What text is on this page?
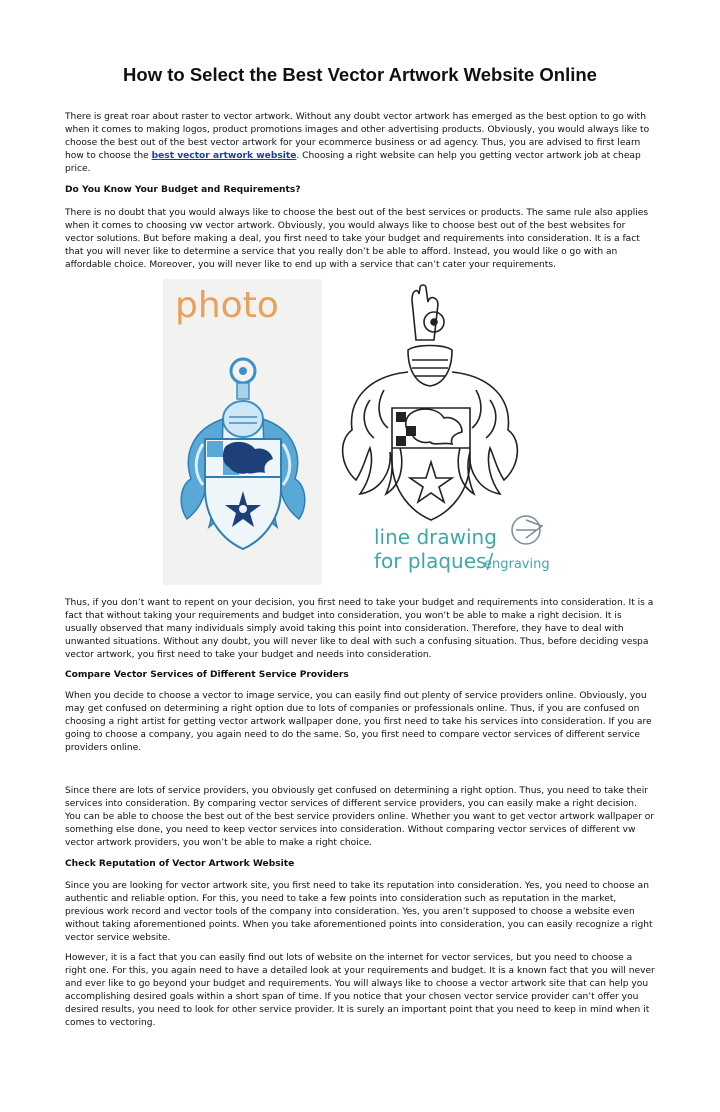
How to Select the Best Vector Artwork Website Online

There is great roar about raster to vector artwork. Without any doubt vector artwork has emerged as the best option to go with when it comes to making logos, product promotions images and other advertising products. Obviously, you would always like to choose the best out of the best vector artwork for your ecommerce business or ad agency. Thus, you are advised to first learn how to choose the best vector artwork website. Choosing a right website can help you getting vector artwork job at cheap price.

Do You Know Your Budget and Requirements?

There is no doubt that you would always like to choose the best out of the best services or products. The same rule also applies when it comes to choosing vw vector artwork. Obviously, you would always like to choose best out of the best websites for vector solutions. But before making a deal, you first need to take your budget and requirements into consideration. It is a fact that you will never like to determine a service that you really don’t be able to afford. Instead, you would like o go with an affordable choice. Moreover, you will never like to end up with a service that can’t cater your requirements.

photo
line drawing
for plaques/
engraving

Thus, if you don’t want to repent on your decision, you first need to take your budget and requirements into consideration. It is a fact that without taking your requirements and budget into consideration, you won’t be able to make a right decision. It is usually observed that many individuals simply avoid taking this point into consideration. Therefore, they have to deal with unwanted situations. Without any doubt, you will never like to deal with such a confusing situation. Thus, before deciding vespa vector artwork, you first need to take your budget and needs into consideration.

Compare Vector Services of Different Service Providers

When you decide to choose a vector to image service, you can easily find out plenty of service providers online. Obviously, you may get confused on determining a right option due to lots of companies or professionals online. Thus, if you are confused on choosing a right artist for getting vector artwork wallpaper done, you first need to take his services into consideration. If you are going to choose a company, you again need to do the same. So, you first need to compare vector services of different service providers online.

Since there are lots of service providers, you obviously get confused on determining a right option. Thus, you need to take their services into consideration. By comparing vector services of different service providers, you can easily make a right decision. You can be able to choose the best out of the best service providers online. Whether you want to get vector artwork wallpaper or something else done, you need to keep vector services into consideration. Without comparing vector services of different vw vector artwork providers, you won’t be able to make a right choice.

Check Reputation of Vector Artwork Website

Since you are looking for vector artwork site, you first need to take its reputation into consideration. Yes, you need to choose an authentic and reliable option. For this, you need to take a few points into consideration such as reputation in the market, previous work record and vector tools of the company into consideration. Yes, you aren’t supposed to choose a website even without taking aforementioned points. When you take aforementioned points into consideration, you can easily recognize a right vector service website.

However, it is a fact that you can easily find out lots of website on the internet for vector services, but you need to choose a right one. For this, you again need to have a detailed look at your requirements and budget. It is a known fact that you will never and ever like to go beyond your budget and requirements. You will always like to choose a vector artwork site that can help you accomplishing desired goals within a short span of time. If you notice that your chosen vector service provider can’t offer you desired results, you need to look for other service provider. It is surely an important point that you need to keep in mind when it comes to vectoring.
